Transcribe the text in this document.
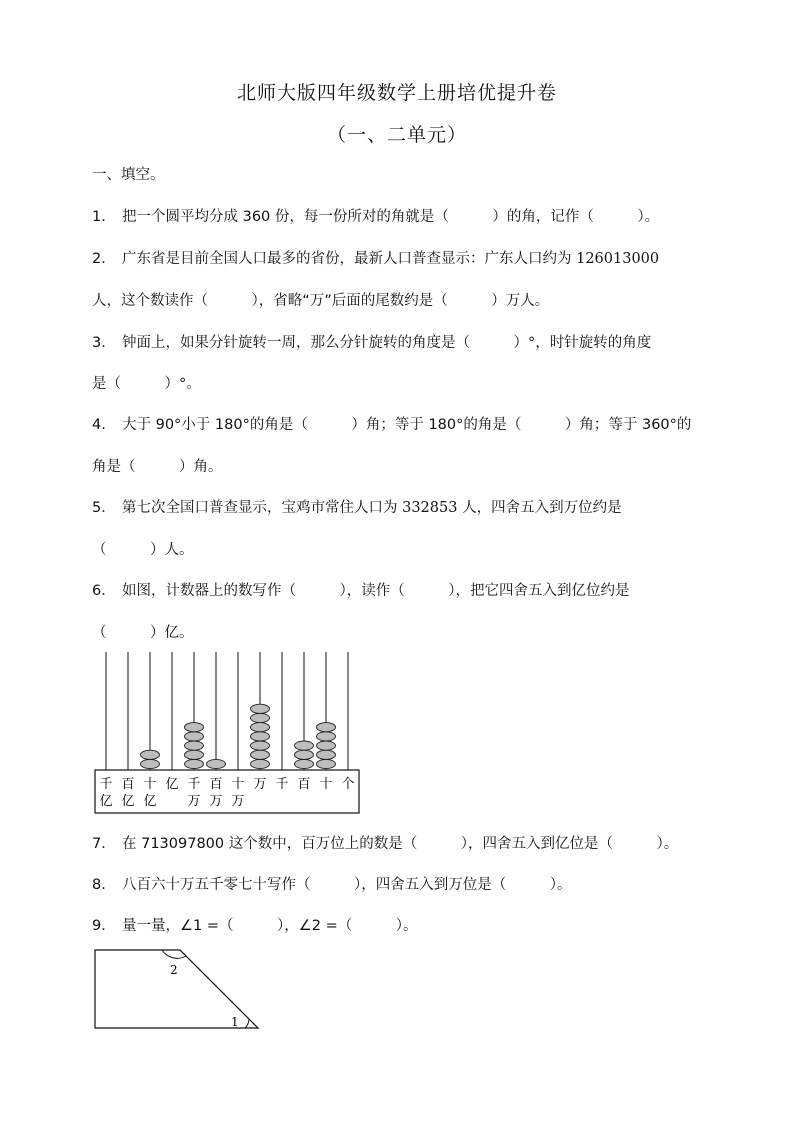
北师大版四年级数学上册培优提升卷
（一、二单元）
一、填空。
1． 把一个圆平均分成 360 份，每一份所对的角就是（　　　）的角，记作（　　　）。
2． 广东省是目前全国人口最多的省份，最新人口普查显示：广东人口约为 126013000
人，这个数读作（　　　），省略“万”后面的尾数约是（　　　）万人。
3． 钟面上，如果分针旋转一周，那么分针旋转的角度是（　　　）°，时针旋转的角度
是（　　　）°。
4． 大于 90°小于 180°的角是（　　　）角；等于 180°的角是（　　　）角；等于 360°的
角是（　　　）角。
5． 第七次全国口普查显示，宝鸡市常住人口为 332853 人，四舍五入到万位约是
（　　　）人。
6． 如图，计数器上的数写作（　　　），读作（　　　），把它四舍五入到亿位约是
（　　　）亿。
千
亿
百
亿
十
亿
亿 千
万
百
万
十
万
万 千 百 十 个
7． 在 713097800 这个数中，百万位上的数是（　　　），四舍五入到亿位是（　　　）。
8． 八百六十万五千零七十写作（　　　），四舍五入到万位是（　　　）。
9． 量一量，∠1 =（　　　），∠2 =（　　　）。
2
1
